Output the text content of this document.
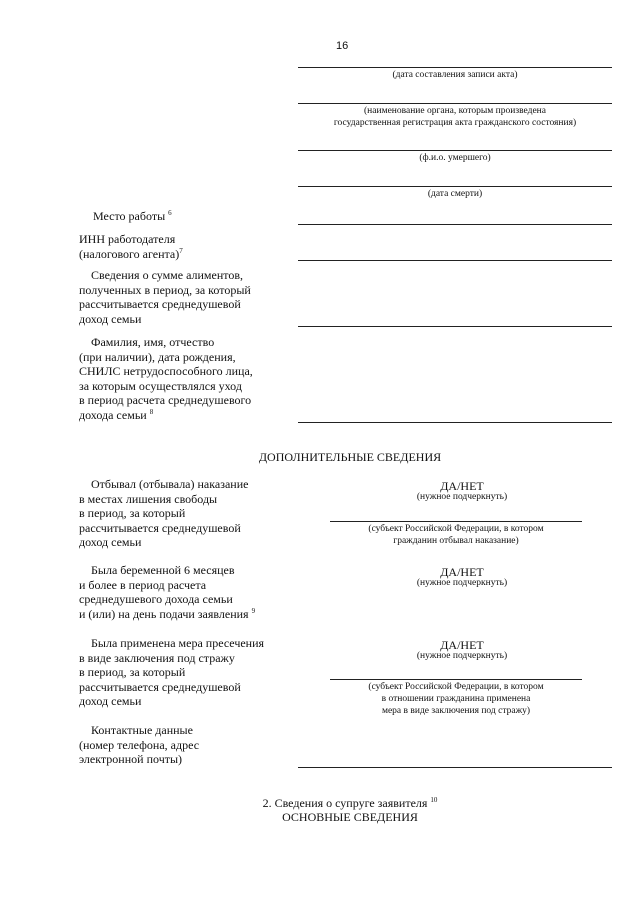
16
(дата составления записи акта)
(наименование органа, которым произведена
государственная регистрация акта гражданского состояния)
(ф.и.о. умершего)
(дата смерти)
Место работы $^6$
ИНН работодателя
(налогового агента)$^7$
Сведения о сумме алиментов,
полученных в период, за который
рассчитывается среднедушевой
доход семьи
Фамилия, имя, отчество
(при наличии), дата рождения,
СНИЛС нетрудоспособного лица,
за которым осуществлялся уход
в период расчета среднедушевого
дохода семьи $^8$
ДОПОЛНИТЕЛЬНЫЕ СВЕДЕНИЯ
Отбывал (отбывала) наказание
в местах лишения свободы
в период, за который
рассчитывается среднедушевой
доход семьи
ДА/НЕТ
(нужное подчеркнуть)
(субъект Российской Федерации, в котором
гражданин отбывал наказание)
Была беременной 6 месяцев
и более в период расчета
среднедушевого дохода семьи
и (или) на день подачи заявления $^9$
ДА/НЕТ
(нужное подчеркнуть)
Была применена мера пресечения
в виде заключения под стражу
в период, за который
рассчитывается среднедушевой
доход семьи
ДА/НЕТ
(нужное подчеркнуть)
(субъект Российской Федерации, в котором
в отношении гражданина применена
мера в виде заключения под стражу)
Контактные данные
(номер телефона, адрес
электронной почты)
2. Сведения о супруге заявителя $^{10}$
ОСНОВНЫЕ СВЕДЕНИЯ
